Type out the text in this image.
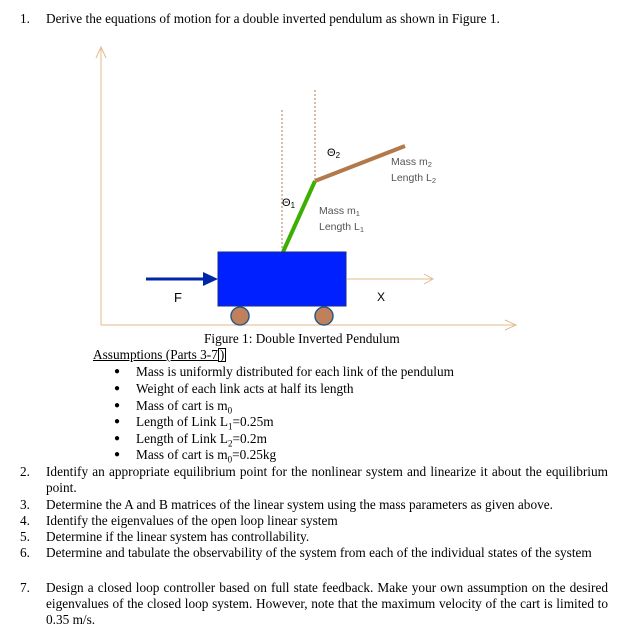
1.	Derive the equations of motion for a double inverted pendulum as shown in Figure 1.
F	X
Θ2
Θ1
Mass m2
Length L2
Mass m1
Length L1
Figure 1: Double Inverted Pendulum
Assumptions (Parts 3-7 )
● Mass is uniformly distributed for each link of the pendulum
● Weight of each link acts at half its length
● Mass of cart is $m_0$
● Length of Link $L_1=0.25m$
● Length of Link $L_2=0.2m$
● Mass of cart is $m_0=0.25kg$
2.	Identify an appropriate equilibrium point for the nonlinear system and linearize it about the equilibrium point.
3.	Determine the A and B matrices of the linear system using the mass parameters as given above.
4.	Identify the eigenvalues of the open loop linear system
5.	Determine if the linear system has controllability.
6.	Determine and tabulate the observability of the system from each of the individual states of the system
7.	Design a closed loop controller based on full state feedback. Make your own assumption on the desired eigenvalues of the closed loop system. However, note that the maximum velocity of the cart is limited to 0.35 m/s.
